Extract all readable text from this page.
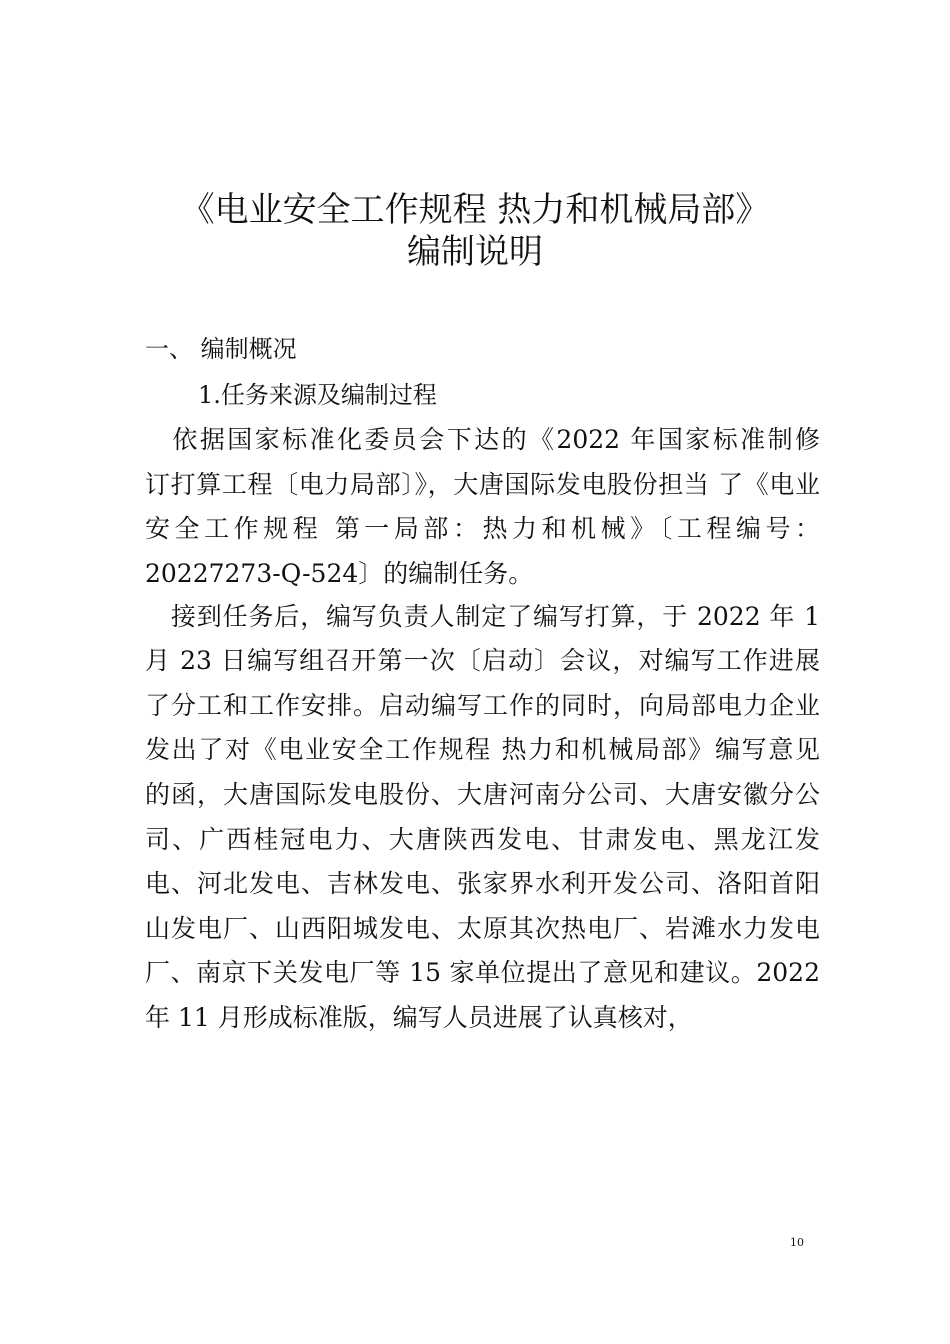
《电业安全工作规程 热力和机械局部》
编制说明
一、 编制概况
1.任务来源及编制过程
　依据国家标准化委员会下达的《2022 年国家标准制修
订打算工程〔电力局部〕》，大唐国际发电股份担当 了《电业
安全工作规程 第一局部：热力和机械》〔工程编号：
20227273-Q-524〕的编制任务。
　接到任务后，编写负责人制定了编写打算，于 2022 年 1
月 23 日编写组召开第一次〔启动〕会议，对编写工作进展
了分工和工作安排。启动编写工作的同时，向局部电力企业
发出了对《电业安全工作规程 热力和机械局部》编写意见
的函，大唐国际发电股份、大唐河南分公司、大唐安徽分公
司、广西桂冠电力、大唐陕西发电、甘肃发电、黑龙江发
电、河北发电、吉林发电、张家界水利开发公司、洛阳首阳
山发电厂、山西阳城发电、太原其次热电厂、岩滩水力发电
厂、南京下关发电厂等 15 家单位提出了意见和建议。2022
年 11 月形成标准版，编写人员进展了认真核对，
10
